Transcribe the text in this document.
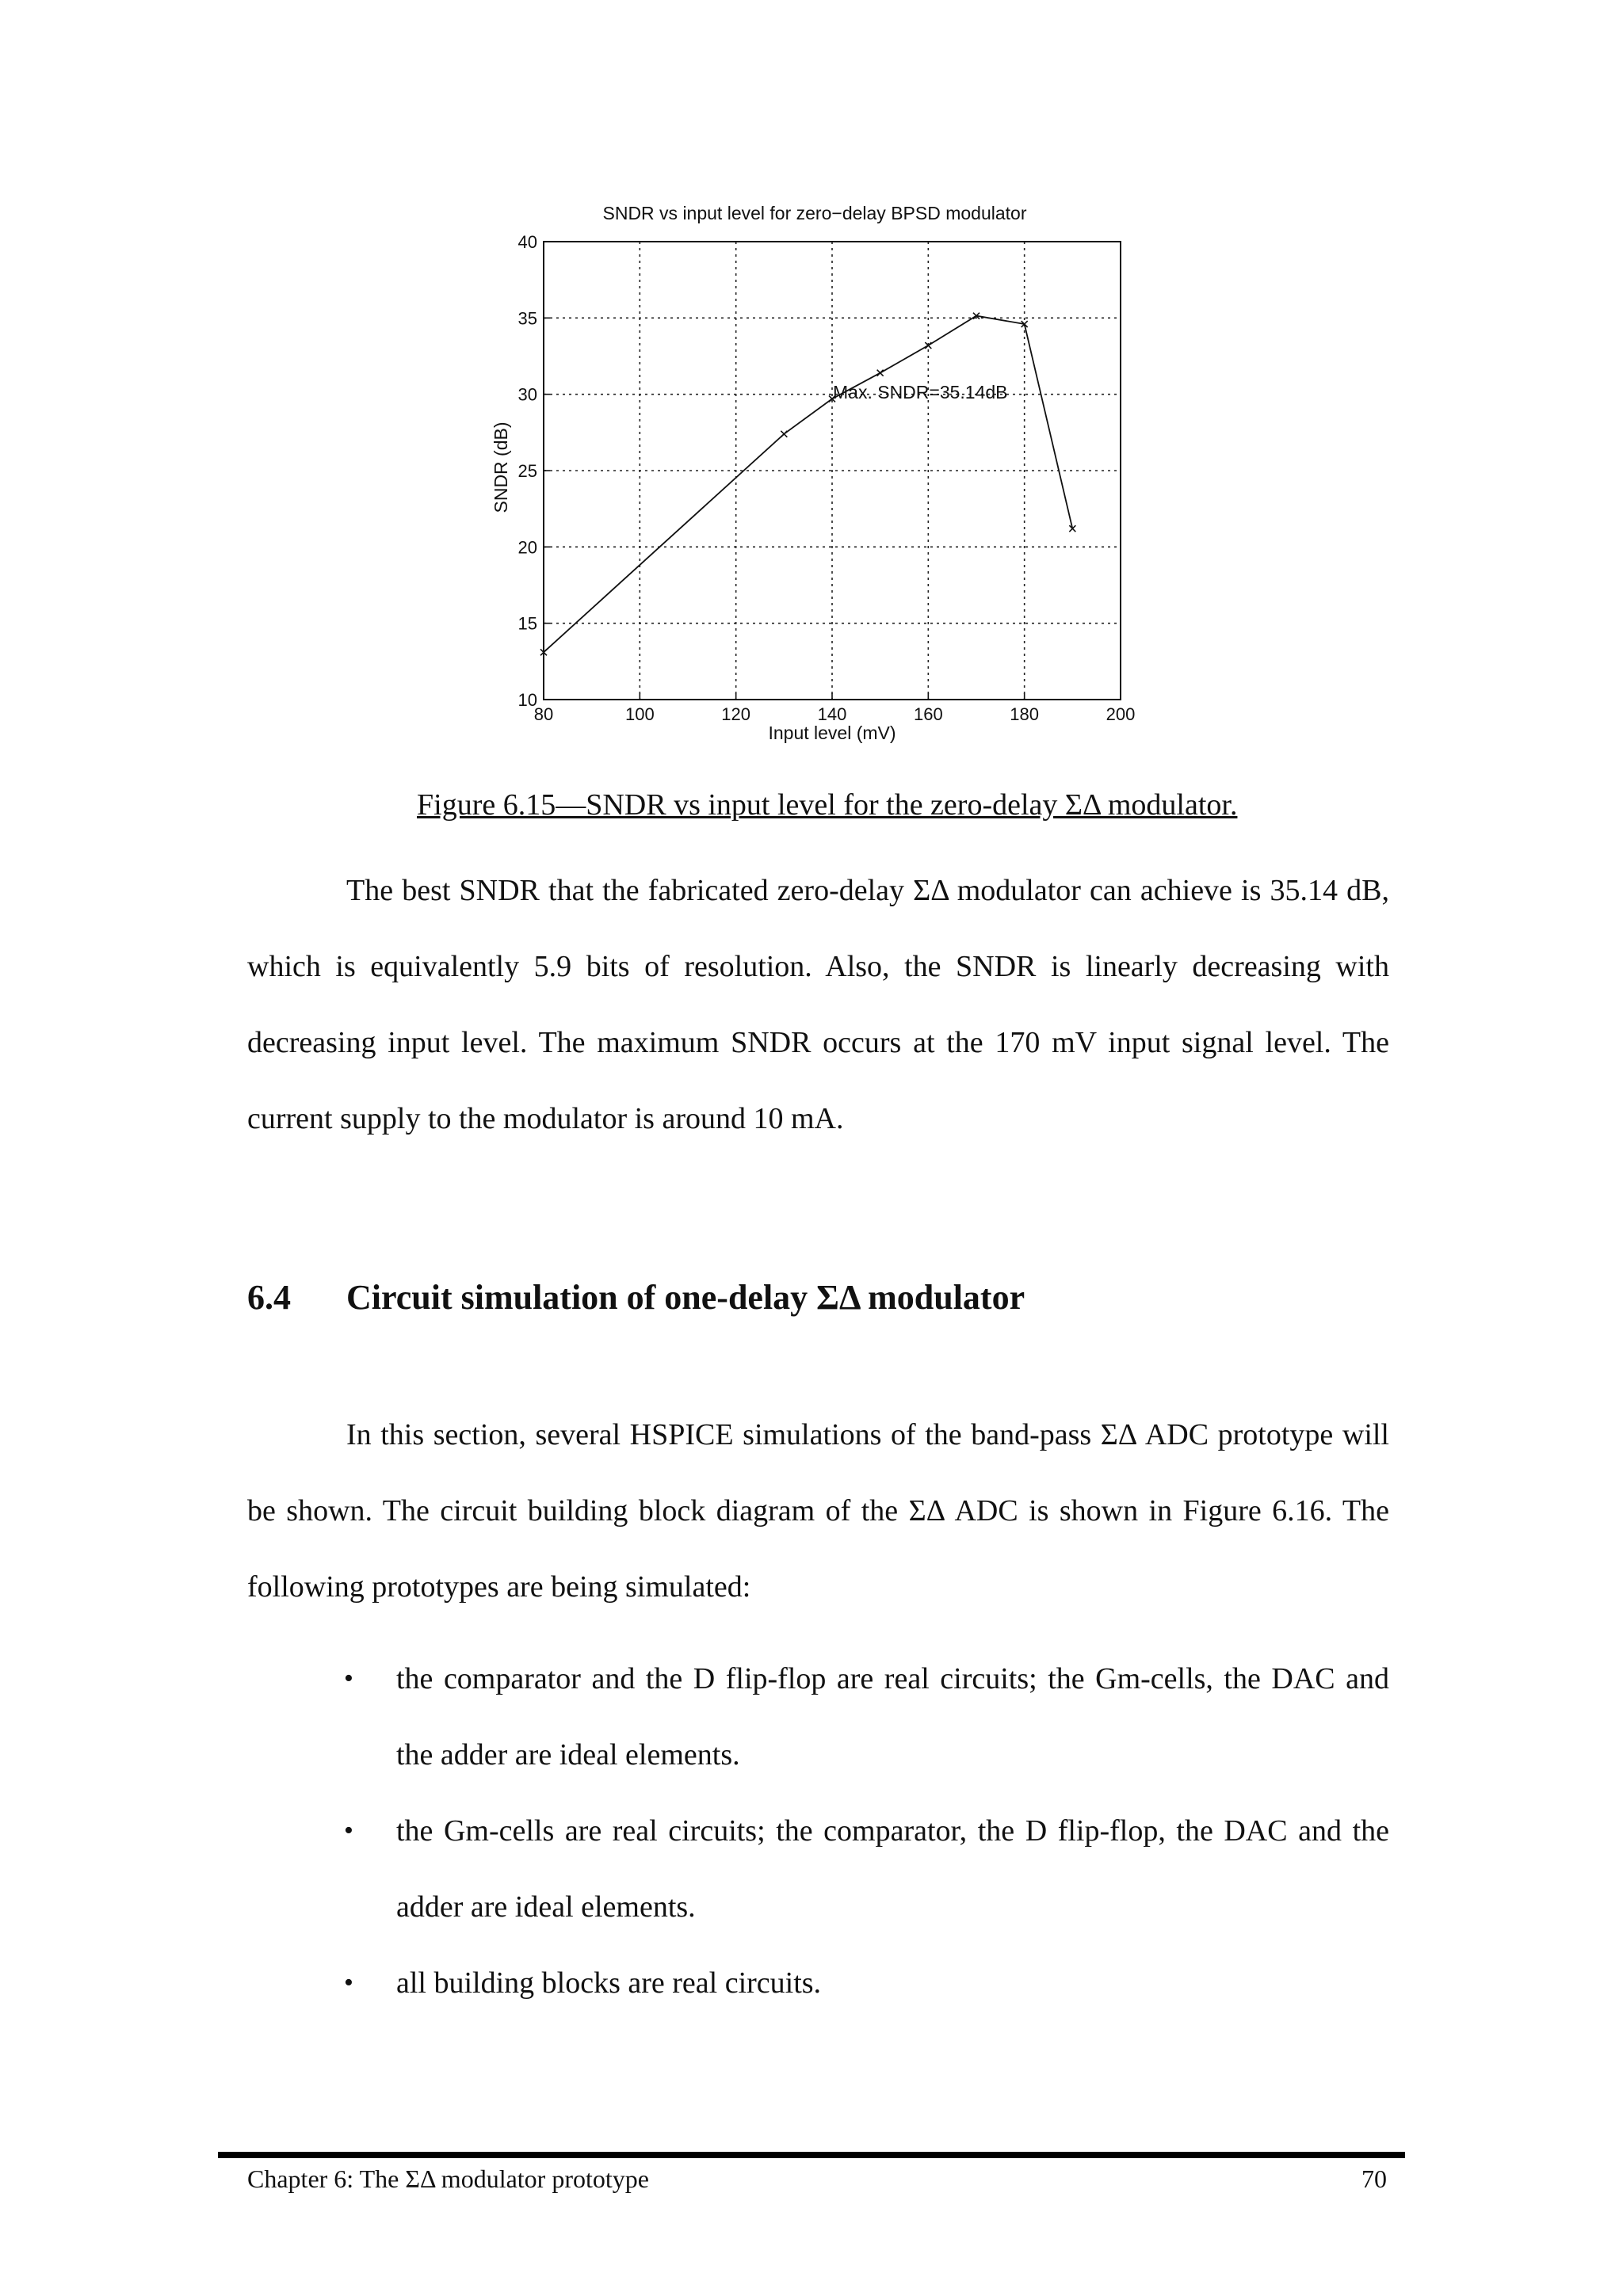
SNDR vs input level for zero−delay BPSD modulator
80	100	120	140	160	180	200
10
15
20
25
30
35
40
Max. SNDR=35.14dB
Input level (mV)
SNDR (dB)
Figure 6.15—SNDR vs input level for the zero-delay ΣΔ modulator.

The best SNDR that the fabricated zero-delay ΣΔ modulator can achieve is 35.14 dB, which is equivalently 5.9 bits of resolution. Also, the SNDR is linearly decreasing with decreasing input level. The maximum SNDR occurs at the 170 mV input signal level. The current supply to the modulator is around 10 mA.

6.4 Circuit simulation of one-delay ΣΔ modulator

In this section, several HSPICE simulations of the band-pass ΣΔ ADC prototype will be shown. The circuit building block diagram of the ΣΔ ADC is shown in Figure 6.16. The following prototypes are being simulated:

• the comparator and the D flip-flop are real circuits; the Gm-cells, the DAC and the adder are ideal elements.
• the Gm-cells are real circuits; the comparator, the D flip-flop, the DAC and the adder are ideal elements.
• all building blocks are real circuits.
Chapter 6: The ΣΔ modulator prototype	70
